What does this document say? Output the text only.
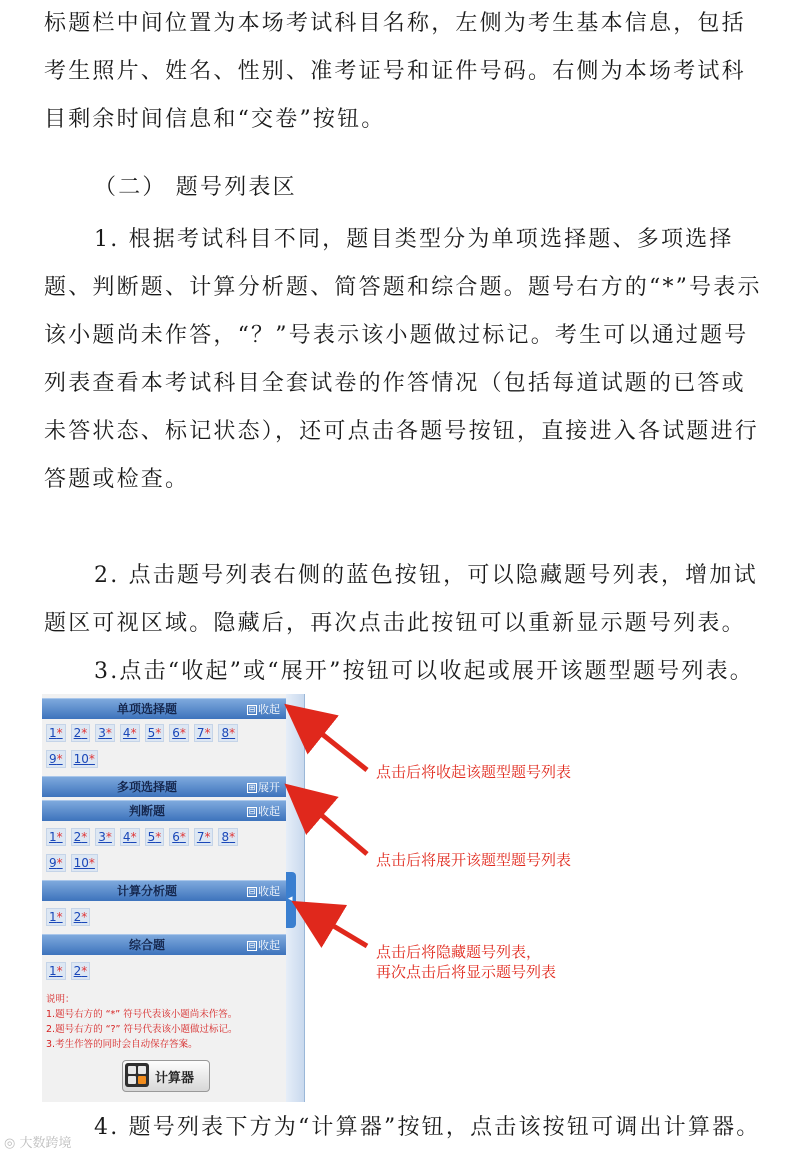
标题栏中间位置为本场考试科目名称，左侧为考生基本信息，包括考生照片、姓名、性别、准考证号和证件号码。右侧为本场考试科目剩余时间信息和“交卷”按钮。

（二） 题号列表区

1. 根据考试科目不同，题目类型分为单项选择题、多项选择题、判断题、计算分析题、简答题和综合题。题号右方的“*”号表示该小题尚未作答，“？”号表示该小题做过标记。考生可以通过题号列表查看本考试科目全套试卷的作答情况（包括每道试题的已答或未答状态、标记状态），还可点击各题号按钮，直接进入各试题进行答题或检查。

2. 点击题号列表右侧的蓝色按钮，可以隐藏题号列表，增加试题区可视区域。隐藏后，再次点击此按钮可以重新显示题号列表。

3.点击“收起”或“展开”按钮可以收起或展开该题型题号列表。

单项选择题	⊟ 收起
1* 2* 3* 4* 5* 6* 7* 8*
9* 10*
多项选择题	⊞ 展开
判断题	⊟ 收起
1* 2* 3* 4* 5* 6* 7* 8*
9* 10*
计算分析题	⊟ 收起
1* 2*
综合题	⊟ 收起
1* 2*
说明：
1.题号右方的 “*” 符号代表该小题尚未作答。
2.题号右方的 “?” 符号代表该小题做过标记。
3.考生作答的同时会自动保存答案。
计算器
◂
点击后将收起该题型题号列表
点击后将展开该题型题号列表
点击后将隐藏题号列表，
再次点击后将显示题号列表

4. 题号列表下方为“计算器”按钮，点击该按钮可调出计算器。

◎ 大数跨境
